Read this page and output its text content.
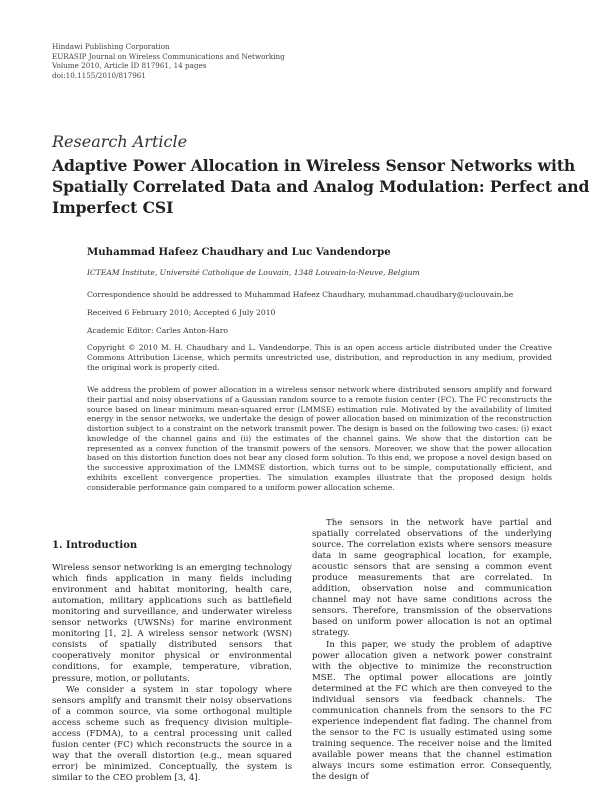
Hindawi Publishing Corporation
EURASIP Journal on Wireless Communications and Networking
Volume 2010, Article ID 817961, 14 pages
doi:10.1155/2010/817961
Research Article
Adaptive Power Allocation in Wireless Sensor Networks with
Spatially Correlated Data and Analog Modulation: Perfect and
Imperfect CSI
Muhammad Hafeez Chaudhary and Luc Vandendorpe
ICTEAM Institute, Université Catholique de Louvain, 1348 Louvain-la-Neuve, Belgium
Correspondence should be addressed to Muhammad Hafeez Chaudhary, muhammad.chaudhary@uclouvain.be
Received 6 February 2010; Accepted 6 July 2010
Academic Editor: Carles Anton-Haro
Copyright © 2010 M. H. Chaudhary and L. Vandendorpe. This is an open access article distributed under the Creative Commons Attribution License, which permits unrestricted use, distribution, and reproduction in any medium, provided the original work is properly cited.
We address the problem of power allocation in a wireless sensor network where distributed sensors amplify and forward their partial and noisy observations of a Gaussian random source to a remote fusion center (FC). The FC reconstructs the source based on linear minimum mean-squared error (LMMSE) estimation rule. Motivated by the availability of limited energy in the sensor networks, we undertake the design of power allocation based on minimization of the reconstruction distortion subject to a constraint on the network transmit power. The design is based on the following two cases: (i) exact knowledge of the channel gains and (ii) the estimates of the channel gains. We show that the distortion can be represented as a convex function of the transmit powers of the sensors. Moreover, we show that the power allocation based on this distortion function does not bear any closed form solution. To this end, we propose a novel design based on the successive approximation of the LMMSE distortion, which turns out to be simple, computationally efficient, and exhibits excellent convergence properties. The simulation examples illustrate that the proposed design holds considerable performance gain compared to a uniform power allocation scheme.
1. Introduction

Wireless sensor networking is an emerging technology which finds application in many fields including environment and habitat monitoring, health care, automation, military applications such as battlefield monitoring and surveillance, and underwater wireless sensor networks (UWSNs) for marine environment monitoring [1, 2]. A wireless sensor network (WSN) consists of spatially distributed sensors that cooperatively monitor physical or environmental conditions, for example, temperature, vibration, pressure, motion, or pollutants.

We consider a system in star topology where sensors amplify and transmit their noisy observations of a common source, via some orthogonal multiple access scheme such as frequency division multiple-access (FDMA), to a central processing unit called fusion center (FC) which reconstructs the source in a way that the overall distortion (e.g., mean squared error) be minimized. Conceptually, the system is similar to the CEO problem [3, 4].

The sensors in the network have partial and spatially correlated observations of the underlying source. The correlation exists where sensors measure data in same geographical location, for example, acoustic sensors that are sensing a common event produce measurements that are correlated. In addition, observation noise and communication channel may not have same conditions across the sensors. Therefore, transmission of the observations based on uniform power allocation is not an optimal strategy.

In this paper, we study the problem of adaptive power allocation given a network power constraint with the objective to minimize the reconstruction MSE. The optimal power allocations are jointly determined at the FC which are then conveyed to the individual sensors via feedback channels. The communication channels from the sensors to the FC experience independent flat fading. The channel from the sensor to the FC is usually estimated using some training sequence. The receiver noise and the limited available power means that the channel estimation always incurs some estimation error. Consequently, the design of
